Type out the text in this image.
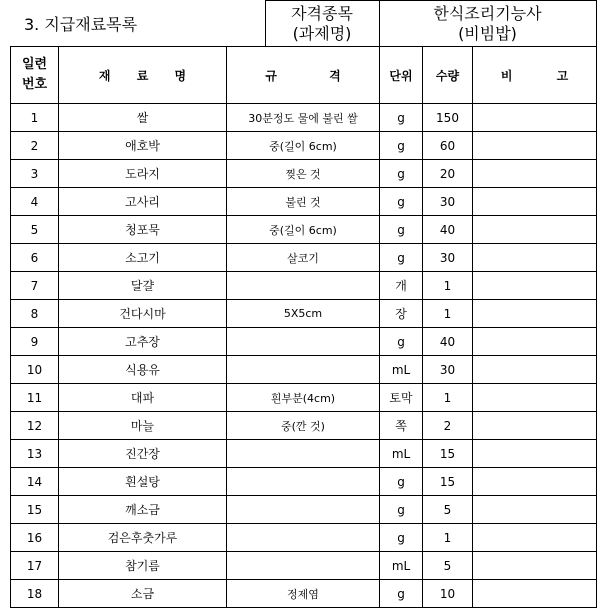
3. 지급재료목록	
자격종목
(과제명)

한식조리기능사
(비빔밥)
일련
번호	재 료 명	규 격	단위	수량	비 고
1	쌀	30분정도 물에 불린 쌀	g	150	
2	애호박	중(길이 6cm)	g	60	
3	도라지	찢은 것	g	20	
4	고사리	불린 것	g	30	
5	청포묵	중(길이 6cm)	g	40	
6	소고기	살코기	g	30	
7	달걀		개	1	
8	건다시마	5X5cm	장	1	
9	고추장		g	40	
10	식용유		mL	30	
11	대파	흰부분(4cm)	토막	1	
12	마늘	중(깐 것)	쪽	2	
13	진간장		mL	15	
14	흰설탕		g	15	
15	깨소금		g	5	
16	검은후춧가루		g	1	
17	참기름		mL	5	
18	소금	정제염	g	10	
